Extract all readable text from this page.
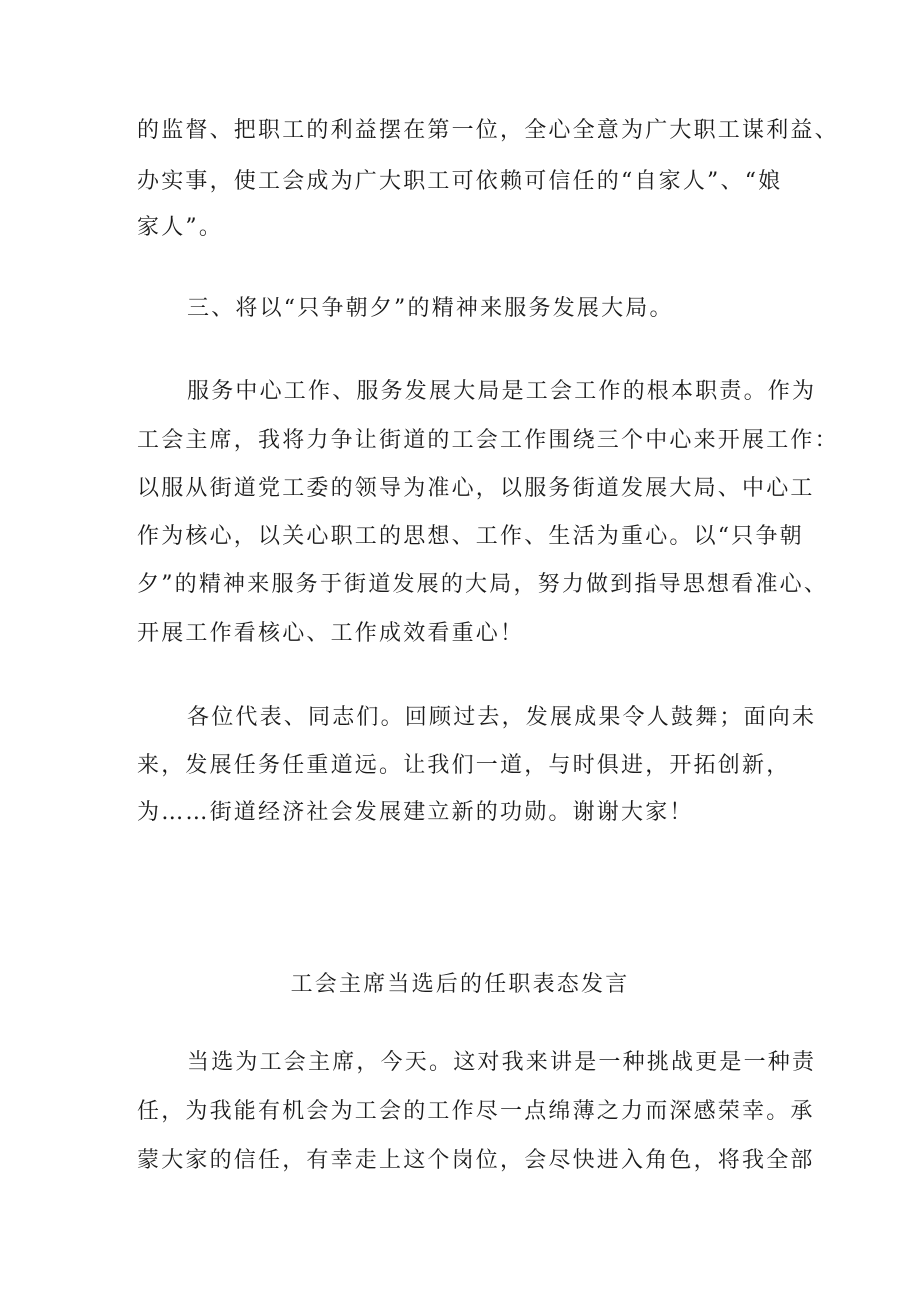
的监督、把职工的利益摆在第一位，全心全意为广大职工谋利益、
办实事，使工会成为广大职工可依赖可信任的“自家人”、“娘
家人”。
三、将以“只争朝夕”的精神来服务发展大局。
服务中心工作、服务发展大局是工会工作的根本职责。作为
工会主席，我将力争让街道的工会工作围绕三个中心来开展工作：
以服从街道党工委的领导为准心，以服务街道发展大局、中心工
作为核心，以关心职工的思想、工作、生活为重心。以“只争朝
夕”的精神来服务于街道发展的大局，努力做到指导思想看准心、
开展工作看核心、工作成效看重心！
各位代表、同志们。回顾过去，发展成果令人鼓舞；面向未
来，发展任务任重道远。让我们一道，与时俱进，开拓创新，
为……街道经济社会发展建立新的功勋。谢谢大家！
工会主席当选后的任职表态发言
当选为工会主席，今天。这对我来讲是一种挑战更是一种责
任，为我能有机会为工会的工作尽一点绵薄之力而深感荣幸。承
蒙大家的信任，有幸走上这个岗位，会尽快进入角色，将我全部
